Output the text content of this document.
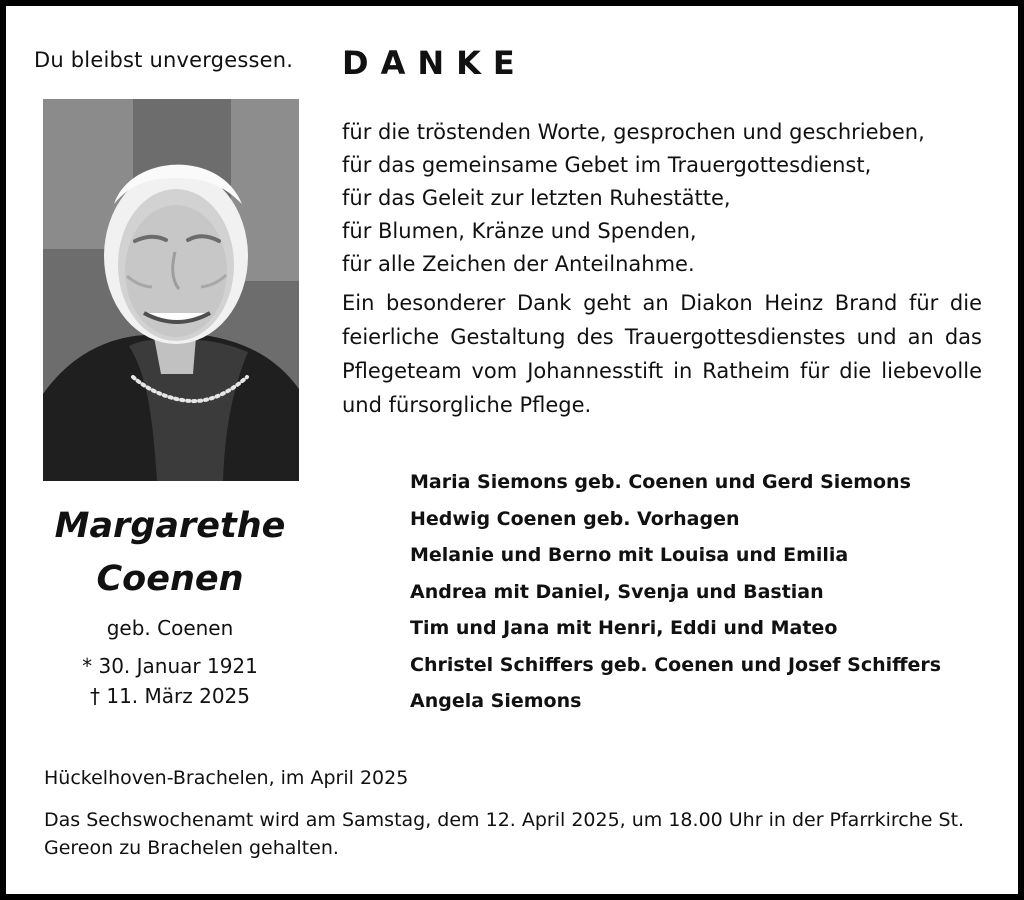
Du bleibst unvergessen.
Margarethe
Coenen
geb. Coenen
* 30. Januar 1921
† 11. März 2025
DANKE
für die tröstenden Worte, gesprochen und geschrieben,
für das gemeinsame Gebet im Trauergottesdienst,
für das Geleit zur letzten Ruhestätte,
für Blumen, Kränze und Spenden,
für alle Zeichen der Anteilnahme.
Ein besonderer Dank geht an Diakon Heinz Brand für die feierliche Gestaltung des Trauergottesdienstes und an das Pflegeteam vom Johannesstift in Ratheim für die liebevolle und fürsorgliche Pflege.
Maria Siemons geb. Coenen und Gerd Siemons
Hedwig Coenen geb. Vorhagen
Melanie und Berno mit Louisa und Emilia
Andrea mit Daniel, Svenja und Bastian
Tim und Jana mit Henri, Eddi und Mateo
Christel Schiffers geb. Coenen und Josef Schiffers
Angela Siemons
Hückelhoven-Brachelen, im April 2025
Das Sechswochenamt wird am Samstag, dem 12. April 2025, um 18.00 Uhr in der Pfarrkirche St. Gereon zu Brachelen gehalten.
